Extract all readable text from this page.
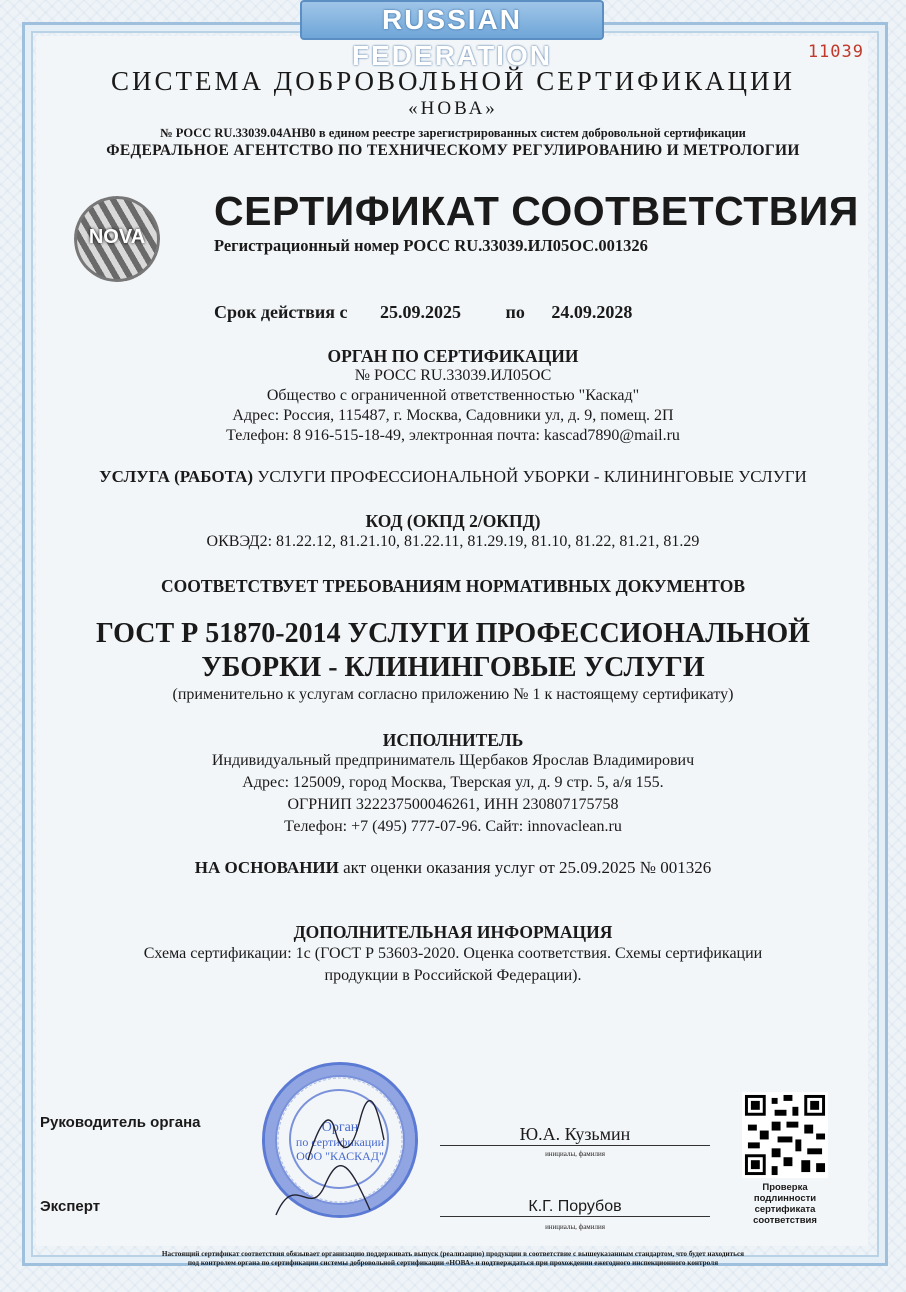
RUSSIAN FEDERATION	11039
СИСТЕМА ДОБРОВОЛЬНОЙ СЕРТИФИКАЦИИ
«НОВА»
№ РОСС RU.33039.04АНВ0 в едином реестре зарегистрированных систем добровольной сертификации
ФЕДЕРАЛЬНОЕ АГЕНТСТВО ПО ТЕХНИЧЕСКОМУ РЕГУЛИРОВАНИЮ И МЕТРОЛОГИИ
NOVA
СЕРТИФИКАТ СООТВЕТСТВИЯ
Регистрационный номер РОСС RU.33039.ИЛ05ОС.001326
Срок действия с 25.09.2025 по 24.09.2028
ОРГАН ПО СЕРТИФИКАЦИИ
№ РОСС RU.33039.ИЛ05ОС
Общество с ограниченной ответственностью "Каскад"
Адрес: Россия, 115487, г. Москва, Садовники ул, д. 9, помещ. 2П
Телефон: 8 916-515-18-49, электронная почта: kascad7890@mail.ru
УСЛУГА (РАБОТА) УСЛУГИ ПРОФЕССИОНАЛЬНОЙ УБОРКИ - КЛИНИНГОВЫЕ УСЛУГИ
КОД (ОКПД 2/ОКПД)
ОКВЭД2: 81.22.12, 81.21.10, 81.22.11, 81.29.19, 81.10, 81.22, 81.21, 81.29
СООТВЕТСТВУЕТ ТРЕБОВАНИЯМ НОРМАТИВНЫХ ДОКУМЕНТОВ
ГОСТ Р 51870-2014 УСЛУГИ ПРОФЕССИОНАЛЬНОЙ
УБОРКИ - КЛИНИНГОВЫЕ УСЛУГИ
(применительно к услугам согласно приложению № 1 к настоящему сертификату)
ИСПОЛНИТЕЛЬ
Индивидуальный предприниматель Щербаков Ярослав Владимирович
Адрес: 125009, город Москва, Тверская ул, д. 9 стр. 5, а/я 155.
ОГРНИП 322237500046261, ИНН 230807175758
Телефон: +7 (495) 777-07-96. Сайт: innovaclean.ru
НА ОСНОВАНИИ акт оценки оказания услуг от 25.09.2025 № 001326
ДОПОЛНИТЕЛЬНАЯ ИНФОРМАЦИЯ
Схема сертификации: 1с (ГОСТ Р 53603-2020. Оценка соответствия. Схемы сертификации
продукции в Российской Федерации).
Орган
по сертификации
ООО "КАСКАД"
Руководитель органа
Ю.А. Кузьмин
инициалы, фамилия
Эксперт	К.Г. Порубов
инициалы, фамилия
Проверка подлинности сертификата соответствия
Настоящий сертификат соответствия обязывает организацию поддерживать выпуск (реализацию) продукции в соответствие с вышеуказанным стандартом, что будет находиться
под контролем органа по сертификации системы добровольной сертификации «НОВА» и подтверждаться при прохождении ежегодного инспекционного контроля
